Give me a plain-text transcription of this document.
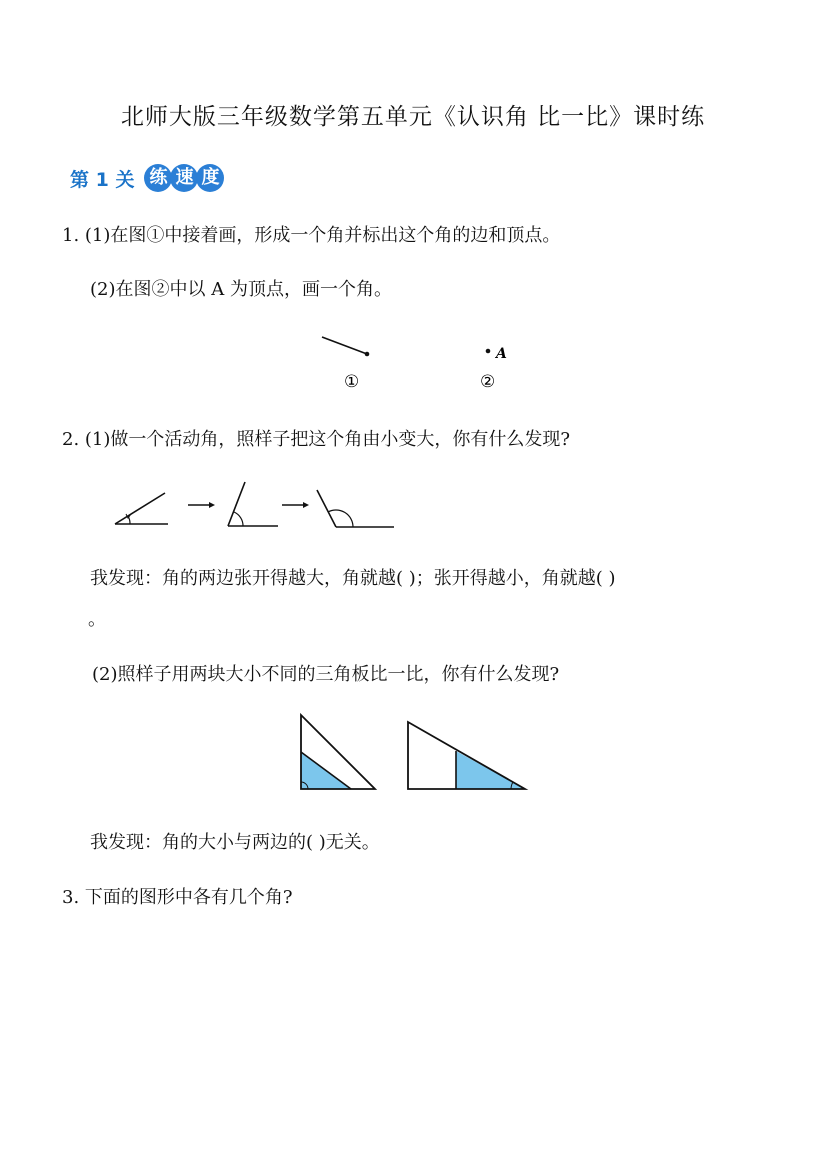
北师大版三年级数学第五单元《认识角 比一比》课时练
第 1 关 练 速 度
1. (1)在图①中接着画，形成一个角并标出这个角的边和顶点。
(2)在图②中以 A 为顶点，画一个角。
A
①	②
2. (1)做一个活动角，照样子把这个角由小变大，你有什么发现?
我发现：角的两边张开得越大，角就越( )；张开得越小，角就越( )
。
(2)照样子用两块大小不同的三角板比一比，你有什么发现?
我发现：角的大小与两边的( )无关。
3. 下面的图形中各有几个角?
